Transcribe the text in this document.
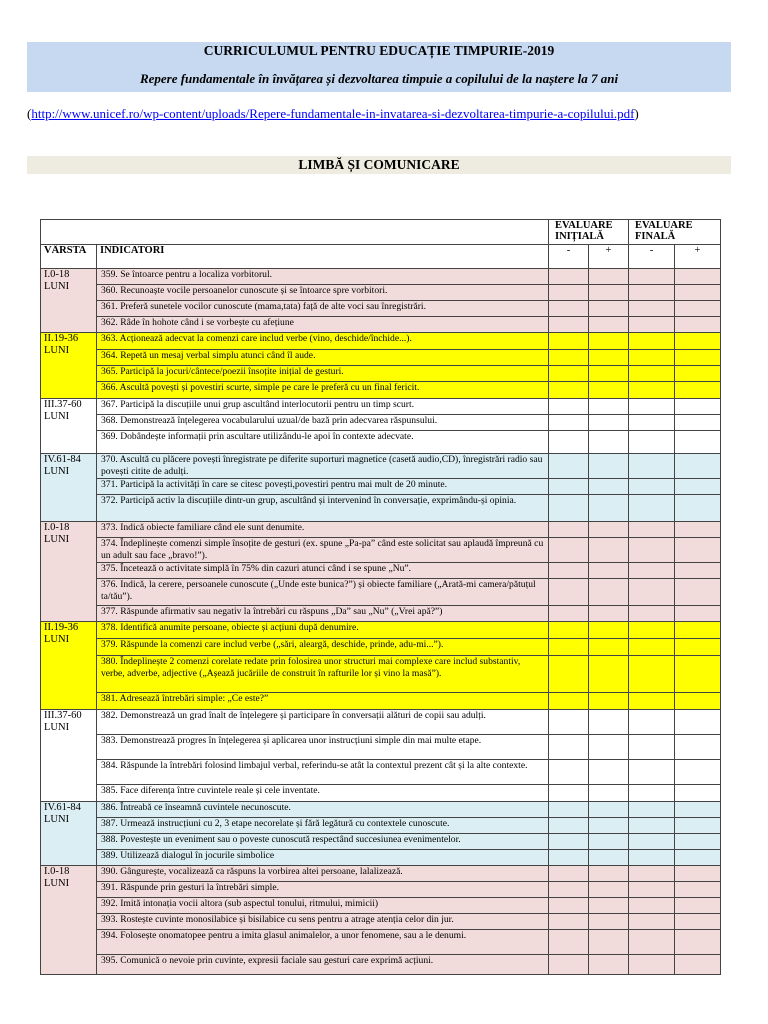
CURRICULUMUL PENTRU EDUCAȚIE TIMPURIE-2019
Repere fundamentale în învățarea și dezvoltarea timpuie a copilului de la naștere la 7 ani
(http://www.unicef.ro/wp-content/uploads/Repere-fundamentale-in-invatarea-si-dezvoltarea-timpurie-a-copilului.pdf)
LIMBĂ ȘI COMUNICARE
		EVALUARE INIȚIALĂ		EVALUARE FINALĂ	
VÂRSTA	INDICATORI	-	+	-	+
I.0-18 LUNI	359. Se întoarce pentru a localiza vorbitorul.				
	360. Recunoaște vocile persoanelor cunoscute și se întoarce spre vorbitori.				
	361. Preferă sunetele vocilor cunoscute (mama,tata) față de alte voci sau înregistrări.				
	362. Râde în hohote când i se vorbește cu afețiune				
II.19-36 LUNI	363. Acționează adecvat la comenzi care includ verbe (vino, deschide/închide...).				
	364. Repetă un mesaj verbal simplu atunci când îl aude.				
	365. Participă la jocuri/cântece/poezii însoțite inițial de gesturi.				
	366. Ascultă povești și povestiri scurte, simple pe care le preferă cu un final fericit.				
III.37-60 LUNI	367. Participă la discuțiile unui grup ascultând interlocutorii pentru un timp scurt.				
	368. Demonstrează înțelegerea vocabularului uzual/de bază prin adecvarea răspunsului.				
	369. Dobândește informații prin ascultare utilizându-le apoi în contexte adecvate.				
IV.61-84 LUNI	370. Ascultă cu plăcere povești înregistrate pe diferite suporturi magnetice (casetă audio,CD), înregistrări radio sau povești citite de adulți.				
	371. Participă la activități în care se citesc povești,povestiri pentru mai mult de 20 minute.				
	372. Participă activ la discuțiile dintr-un grup, ascultând și intervenind în conversație, exprimându-și opinia.				
I.0-18 LUNI	373. Indică obiecte familiare când ele sunt denumite.				
	374. Îndeplinește comenzi simple însoțite de gesturi (ex. spune „Pa-pa” când este solicitat sau aplaudă împreună cu un adult sau face „bravo!”).				
	375. Încetează o activitate simplă în 75% din cazuri atunci când i se spune „Nu”.				
	376. Indică, la cerere, persoanele cunoscute („Unde este bunica?”) și obiecte familiare („Arată-mi camera/pătuțul ta/tău”).				
	377. Răspunde afirmativ sau negativ la întrebări cu răspuns „Da” sau „Nu” („Vrei apă?”)				
II.19-36 LUNI	378. Identifică anumite persoane, obiecte și acțiuni după denumire.				
	379. Răspunde la comenzi care includ verbe („sări, aleargă, deschide, prinde, adu-mi...”).				
	380. Îndeplinește 2 comenzi corelate redate prin folosirea unor structuri mai complexe care includ substantiv, verbe, adverbe, adjective („Așează jucăriile de construit în rafturile lor și vino la masă”).				
	381. Adresează întrebări simple: „Ce este?”				
III.37-60 LUNI	382. Demonstrează un grad înalt de înțelegere și participare în conversații alături de copii sau adulți.				
	383. Demonstrează progres în înțelegerea și aplicarea unor instrucțiuni simple din mai multe etape.				
	384. Răspunde la întrebări folosind limbajul verbal, referindu-se atât la contextul prezent cât și la alte contexte.				
	385. Face diferența între cuvintele reale și cele inventate.				
IV.61-84 LUNI	386. Întreabă ce înseamnă cuvintele necunoscute.				
	387. Urmează instrucțiuni cu 2, 3 etape necorelate și fără legătură cu contextele cunoscute.				
	388. Povestește un eveniment sau o poveste cunoscută respectând succesiunea evenimentelor.				
	389. Utilizează dialogul în jocurile simbolice				
I.0-18 LUNI	390. Gângurește, vocalizează ca răspuns la vorbirea altei persoane, lalalizează.				
	391. Răspunde prin gesturi la întrebări simple.				
	392. Imită intonația vocii altora (sub aspectul tonului, ritmului, mimicii)				
	393. Rostește cuvinte monosilabice și bisilabice cu sens pentru a atrage atenția celor din jur.				
	394. Folosește onomatopee pentru a imita glasul animalelor, a unor fenomene, sau a le denumi.				
	395. Comunică o nevoie prin cuvinte, expresii faciale sau gesturi care exprimă acțiuni.				
